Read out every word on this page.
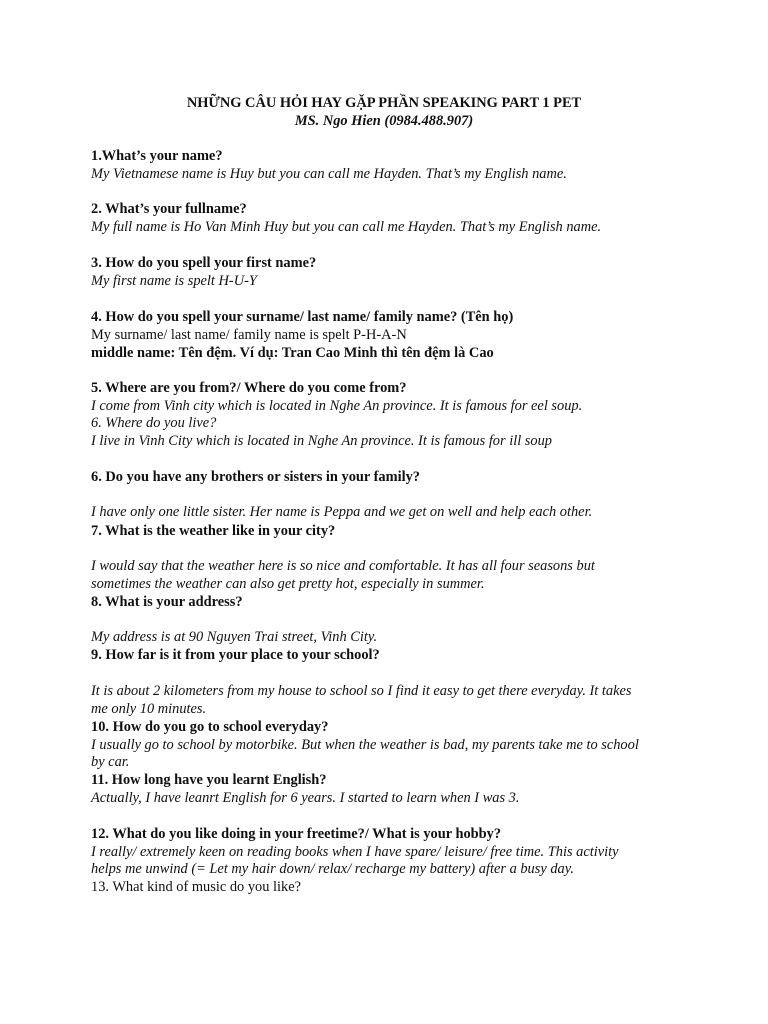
NHỮNG CÂU HỎI HAY GẶP PHẦN SPEAKING PART 1 PET
MS. Ngo Hien (0984.488.907)
1.What’s your name?
My Vietnamese name is Huy but you can call me Hayden. That’s my English name.
2. What’s your fullname?
My full name is Ho Van Minh Huy but you can call me Hayden. That’s my English name.
3. How do you spell your first name?
My first name is spelt H-U-Y
4. How do you spell your surname/ last name/ family name? (Tên họ)
My surname/ last name/ family name is spelt P-H-A-N
middle name: Tên đệm. Ví dụ: Tran Cao Minh thì tên đệm là Cao
5. Where are you from?/ Where do you come from?
I come from Vinh city which is located in Nghe An province. It is famous for eel soup.
6. Where do you live?
I live in Vinh City which is located in Nghe An province. It is famous for ill soup
6. Do you have any brothers or sisters in your family?
I have only one little sister. Her name is Peppa and we get on well and help each other.
7. What is the weather like in your city?
I would say that the weather here is so nice and comfortable. It has all four seasons but
sometimes the weather can also get pretty hot, especially in summer.
8. What is your address?
My address is at 90 Nguyen Trai street, Vinh City.
9. How far is it from your place to your school?
It is about 2 kilometers from my house to school so I find it easy to get there everyday. It takes
me only 10 minutes.
10. How do you go to school everyday?
I usually go to school by motorbike. But when the weather is bad, my parents take me to school
by car.
11. How long have you learnt English?
Actually, I have leanrt English for 6 years. I started to learn when I was 3.
12. What do you like doing in your freetime?/ What is your hobby?
I really/ extremely keen on reading books when I have spare/ leisure/ free time. This activity
helps me unwind (= Let my hair down/ relax/ recharge my battery) after a busy day.
13. What kind of music do you like?
